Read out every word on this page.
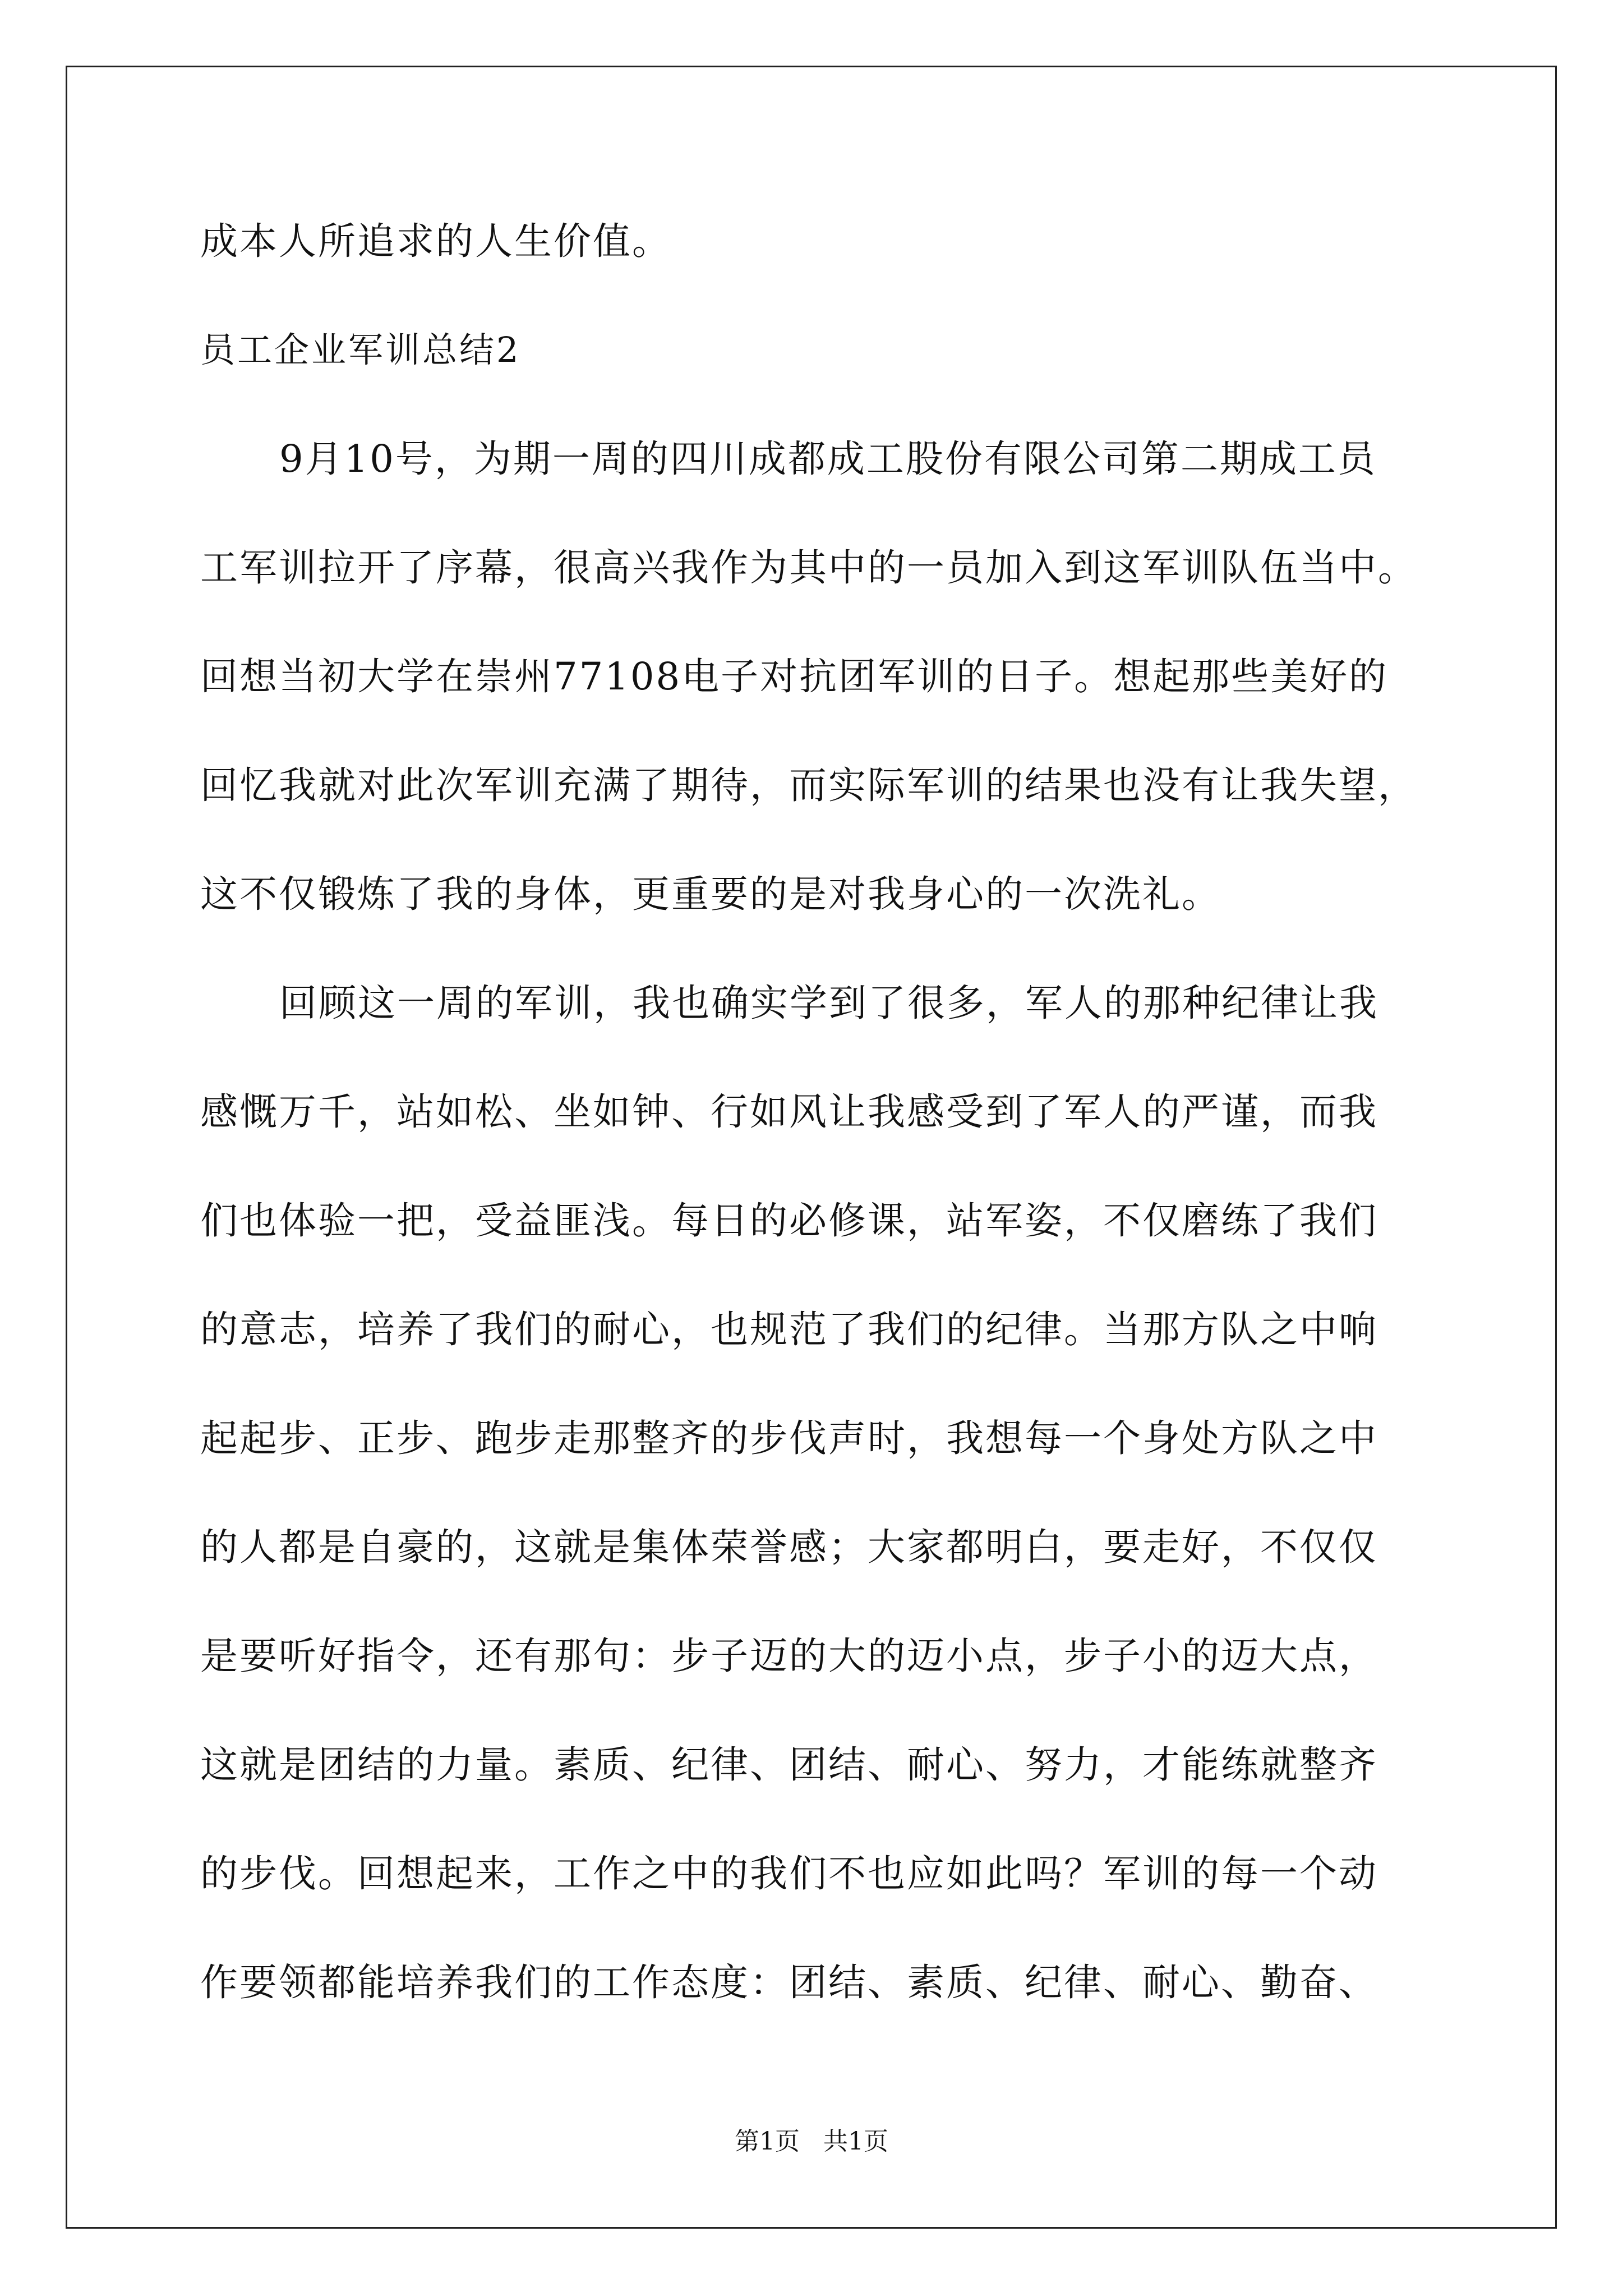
成本人所追求的人生价值。
员工企业军训总结2
9月10号，为期一周的四川成都成工股份有限公司第二期成工员
工军训拉开了序幕，很高兴我作为其中的一员加入到这军训队伍当中。
回想当初大学在崇州77108电子对抗团军训的日子。想起那些美好的
回忆我就对此次军训充满了期待，而实际军训的结果也没有让我失望，
这不仅锻炼了我的身体，更重要的是对我身心的一次洗礼。
回顾这一周的军训，我也确实学到了很多，军人的那种纪律让我
感慨万千，站如松、坐如钟、行如风让我感受到了军人的严谨，而我
们也体验一把，受益匪浅。每日的必修课，站军姿，不仅磨练了我们
的意志，培养了我们的耐心，也规范了我们的纪律。当那方队之中响
起起步、正步、跑步走那整齐的步伐声时，我想每一个身处方队之中
的人都是自豪的，这就是集体荣誉感；大家都明白，要走好，不仅仅
是要听好指令，还有那句：步子迈的大的迈小点，步子小的迈大点，
这就是团结的力量。素质、纪律、团结、耐心、努力，才能练就整齐
的步伐。回想起来，工作之中的我们不也应如此吗？军训的每一个动
作要领都能培养我们的工作态度：团结、素质、纪律、耐心、勤奋、
第1页   共1页
